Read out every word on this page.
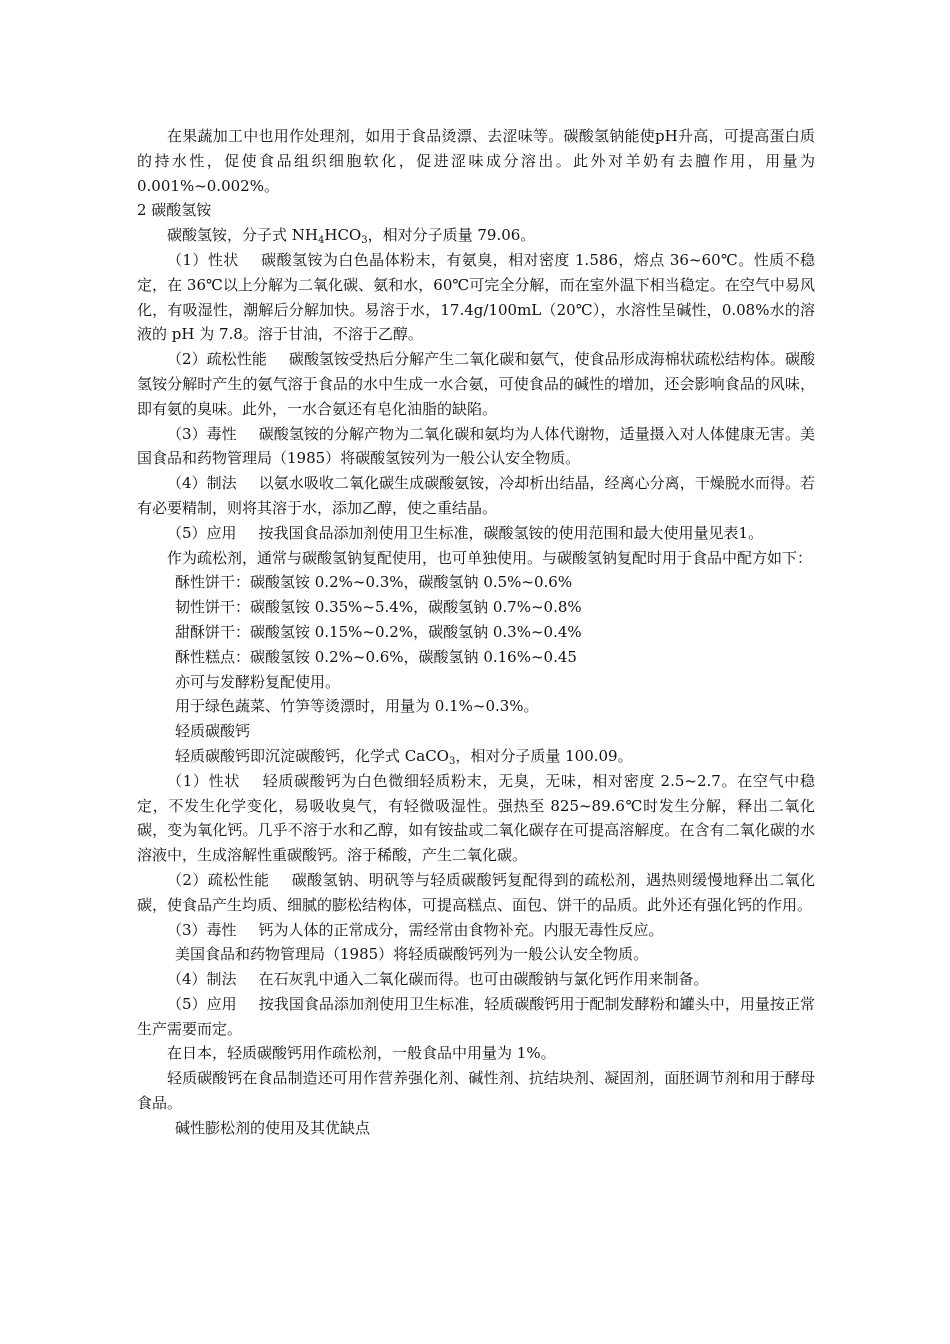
在果蔬加工中也用作处理剂，如用于食品烫漂、去涩味等。碳酸氢钠能使pH升高，可提高蛋白质的持水性，促使食品组织细胞软化，促进涩味成分溶出。此外对羊奶有去膻作用，用量为0.001%~0.002%。

2 碳酸氢铵

碳酸氢铵，分子式 $NH_4HCO_3$，相对分子质量 79.06。

（1）性状 碳酸氢铵为白色晶体粉末，有氨臭，相对密度 1.586，熔点 36~60℃。性质不稳定，在 36℃以上分解为二氧化碳、氨和水，60℃可完全分解，而在室外温下相当稳定。在空气中易风化，有吸湿性，潮解后分解加快。易溶于水，17.4g/100mL（20℃），水溶性呈碱性，0.08%水的溶液的 pH 为 7.8。溶于甘油，不溶于乙醇。

（2）疏松性能 碳酸氢铵受热后分解产生二氧化碳和氨气，使食品形成海棉状疏松结构体。碳酸氢铵分解时产生的氨气溶于食品的水中生成一水合氨，可使食品的碱性的增加，还会影响食品的风味，即有氨的臭味。此外，一水合氨还有皂化油脂的缺陷。

（3）毒性 碳酸氢铵的分解产物为二氧化碳和氨均为人体代谢物，适量摄入对人体健康无害。美国食品和药物管理局（1985）将碳酸氢铵列为一般公认安全物质。

（4）制法 以氨水吸收二氧化碳生成碳酸氨铵，冷却析出结晶，经离心分离，干燥脱水而得。若有必要精制，则将其溶于水，添加乙醇，使之重结晶。

（5）应用 按我国食品添加剂使用卫生标准，碳酸氢铵的使用范围和最大使用量见表1。

作为疏松剂，通常与碳酸氢钠复配使用，也可单独使用。与碳酸氢钠复配时用于食品中配方如下：

酥性饼干：碳酸氢铵 0.2%~0.3%，碳酸氢钠 0.5%~0.6%

韧性饼干：碳酸氢铵 0.35%~5.4%，碳酸氢钠 0.7%~0.8%

甜酥饼干：碳酸氢铵 0.15%~0.2%，碳酸氢钠 0.3%~0.4%

酥性糕点：碳酸氢铵 0.2%~0.6%，碳酸氢钠 0.16%~0.45

亦可与发酵粉复配使用。

用于绿色蔬菜、竹笋等烫漂时，用量为 0.1%~0.3%。

轻质碳酸钙

轻质碳酸钙即沉淀碳酸钙，化学式 CaCO$_3$，相对分子质量 100.09。

（1）性状 轻质碳酸钙为白色微细轻质粉末，无臭，无味，相对密度 2.5~2.7。在空气中稳定，不发生化学变化，易吸收臭气，有轻微吸湿性。强热至 825~89.6℃时发生分解，释出二氧化碳，变为氧化钙。几乎不溶于水和乙醇，如有铵盐或二氧化碳存在可提高溶解度。在含有二氧化碳的水溶液中，生成溶解性重碳酸钙。溶于稀酸，产生二氧化碳。

（2）疏松性能 碳酸氢钠、明矾等与轻质碳酸钙复配得到的疏松剂，遇热则缓慢地释出二氧化碳，使食品产生均质、细腻的膨松结构体，可提高糕点、面包、饼干的品质。此外还有强化钙的作用。

（3）毒性 钙为人体的正常成分，需经常由食物补充。内服无毒性反应。

美国食品和药物管理局（1985）将轻质碳酸钙列为一般公认安全物质。

（4）制法 在石灰乳中通入二氧化碳而得。也可由碳酸钠与氯化钙作用来制备。

（5）应用 按我国食品添加剂使用卫生标准，轻质碳酸钙用于配制发酵粉和罐头中，用量按正常生产需要而定。

在日本，轻质碳酸钙用作疏松剂，一般食品中用量为 1%。

轻质碳酸钙在食品制造还可用作营养强化剂、碱性剂、抗结块剂、凝固剂，面胚调节剂和用于酵母食品。

碱性膨松剂的使用及其优缺点
